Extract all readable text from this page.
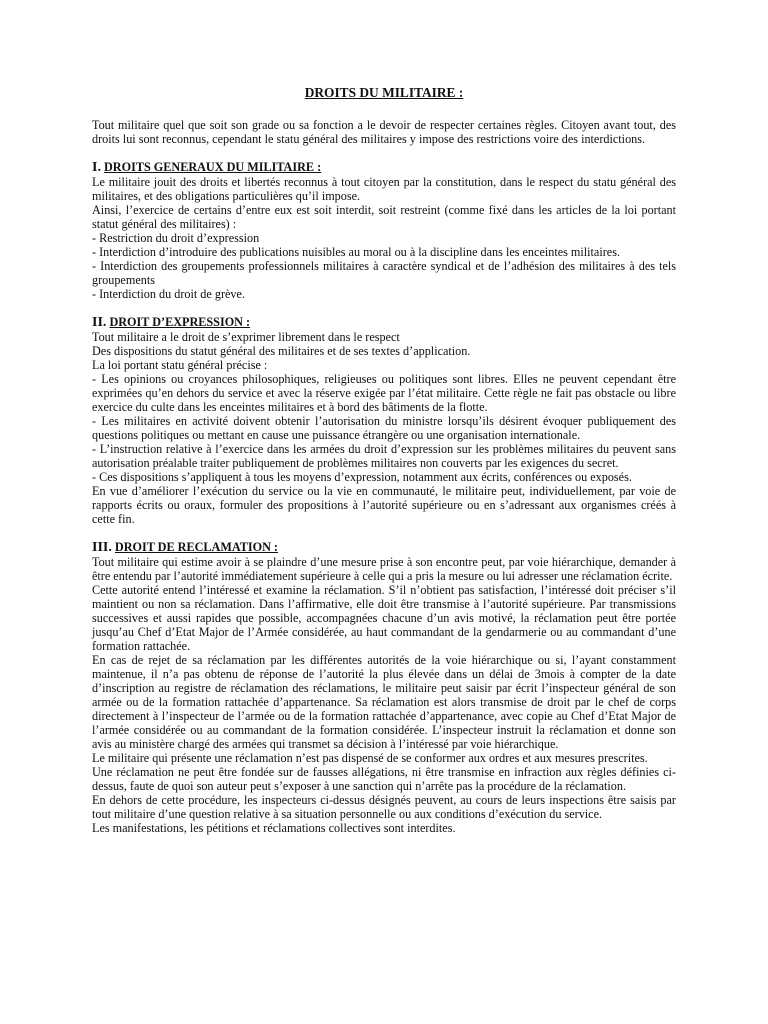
DROITS DU MILITAIRE :

Tout militaire quel que soit son grade ou sa fonction a le devoir de respecter certaines règles. Citoyen avant tout, des droits lui sont reconnus, cependant le statu général des militaires y impose des restrictions voire des interdictions.

I. DROITS GENERAUX DU MILITAIRE :

Le militaire jouit des droits et libertés reconnus à tout citoyen par la constitution, dans le respect du statu général des militaires, et des obligations particulières qu’il impose.

Ainsi, l’exercice de certains d’entre eux est soit interdit, soit restreint (comme fixé dans les articles de la loi portant statut général des militaires) :

- Restriction du droit d’expression

- Interdiction d’introduire des publications nuisibles au moral ou à la discipline dans les enceintes militaires.

- Interdiction des groupements professionnels militaires à caractère syndical et de l’adhésion des militaires à des tels groupements

- Interdiction du droit de grève.

II. DROIT D’EXPRESSION :

Tout militaire a le droit de s’exprimer librement dans le respect

Des dispositions du statut général des militaires et de ses textes d’application.

La loi portant statu général précise :

- Les opinions ou croyances philosophiques, religieuses ou politiques sont libres. Elles ne peuvent cependant être exprimées qu’en dehors du service et avec la réserve exigée par l’état militaire. Cette règle ne fait pas obstacle ou libre exercice du culte dans les enceintes militaires et à bord des bâtiments de la flotte.

- Les militaires en activité doivent obtenir l’autorisation du ministre lorsqu’ils désirent évoquer publiquement des questions politiques ou mettant en cause une puissance étrangère ou une organisation internationale.

- L’instruction relative à l’exercice dans les armées du droit d’expression sur les problèmes militaires du peuvent sans autorisation préalable traiter publiquement de problèmes militaires non couverts par les exigences du secret.

- Ces dispositions s’appliquent à tous les moyens d’expression, notamment aux écrits, conférences ou exposés.

En vue d’améliorer l’exécution du service ou la vie en communauté, le militaire peut, individuellement, par voie de rapports écrits ou oraux, formuler des propositions à l’autorité supérieure ou en s’adressant aux organismes créés à cette fin.

III. DROIT DE RECLAMATION :

Tout militaire qui estime avoir à se plaindre d’une mesure prise à son encontre peut, par voie hiérarchique, demander à être entendu par l’autorité immédiatement supérieure à celle qui a pris la mesure ou lui adresser une réclamation écrite.

Cette autorité entend l’intéressé et examine la réclamation. S’il n’obtient pas satisfaction, l’intéressé doit préciser s’il maintient ou non sa réclamation. Dans l’affirmative, elle doit être transmise à l’autorité supérieure. Par transmissions successives et aussi rapides que possible, accompagnées chacune d’un avis motivé, la réclamation peut être portée jusqu’au Chef d’Etat Major de l’Armée considérée, au haut commandant de la gendarmerie ou au commandant d’une formation rattachée.

En cas de rejet de sa réclamation par les différentes autorités de la voie hiérarchique ou si, l’ayant constamment maintenue, il n’a pas obtenu de réponse de l’autorité la plus élevée dans un délai de 3mois à compter de la date d’inscription au registre de réclamation des réclamations, le militaire peut saisir par écrit l’inspecteur général de son armée ou de la formation rattachée d’appartenance. Sa réclamation est alors transmise de droit par le chef de corps directement à l’inspecteur de l’armée ou de la formation rattachée d’appartenance, avec copie au Chef d’Etat Major de l’armée considérée ou au commandant de la formation considérée. L’inspecteur instruit la réclamation et donne son avis au ministère chargé des armées qui transmet sa décision à l’intéressé par voie hiérarchique.

Le militaire qui présente une réclamation n’est pas dispensé de se conformer aux ordres et aux mesures prescrites.

Une réclamation ne peut être fondée sur de fausses allégations, ni être transmise en infraction aux règles définies ci-dessus, faute de quoi son auteur peut s’exposer à une sanction qui n’arrête pas la procédure de la réclamation.

En dehors de cette procédure, les inspecteurs ci-dessus désignés peuvent, au cours de leurs inspections être saisis par tout militaire d’une question relative à sa situation personnelle ou aux conditions d’exécution du service.

Les manifestations, les pétitions et réclamations collectives sont interdites.
